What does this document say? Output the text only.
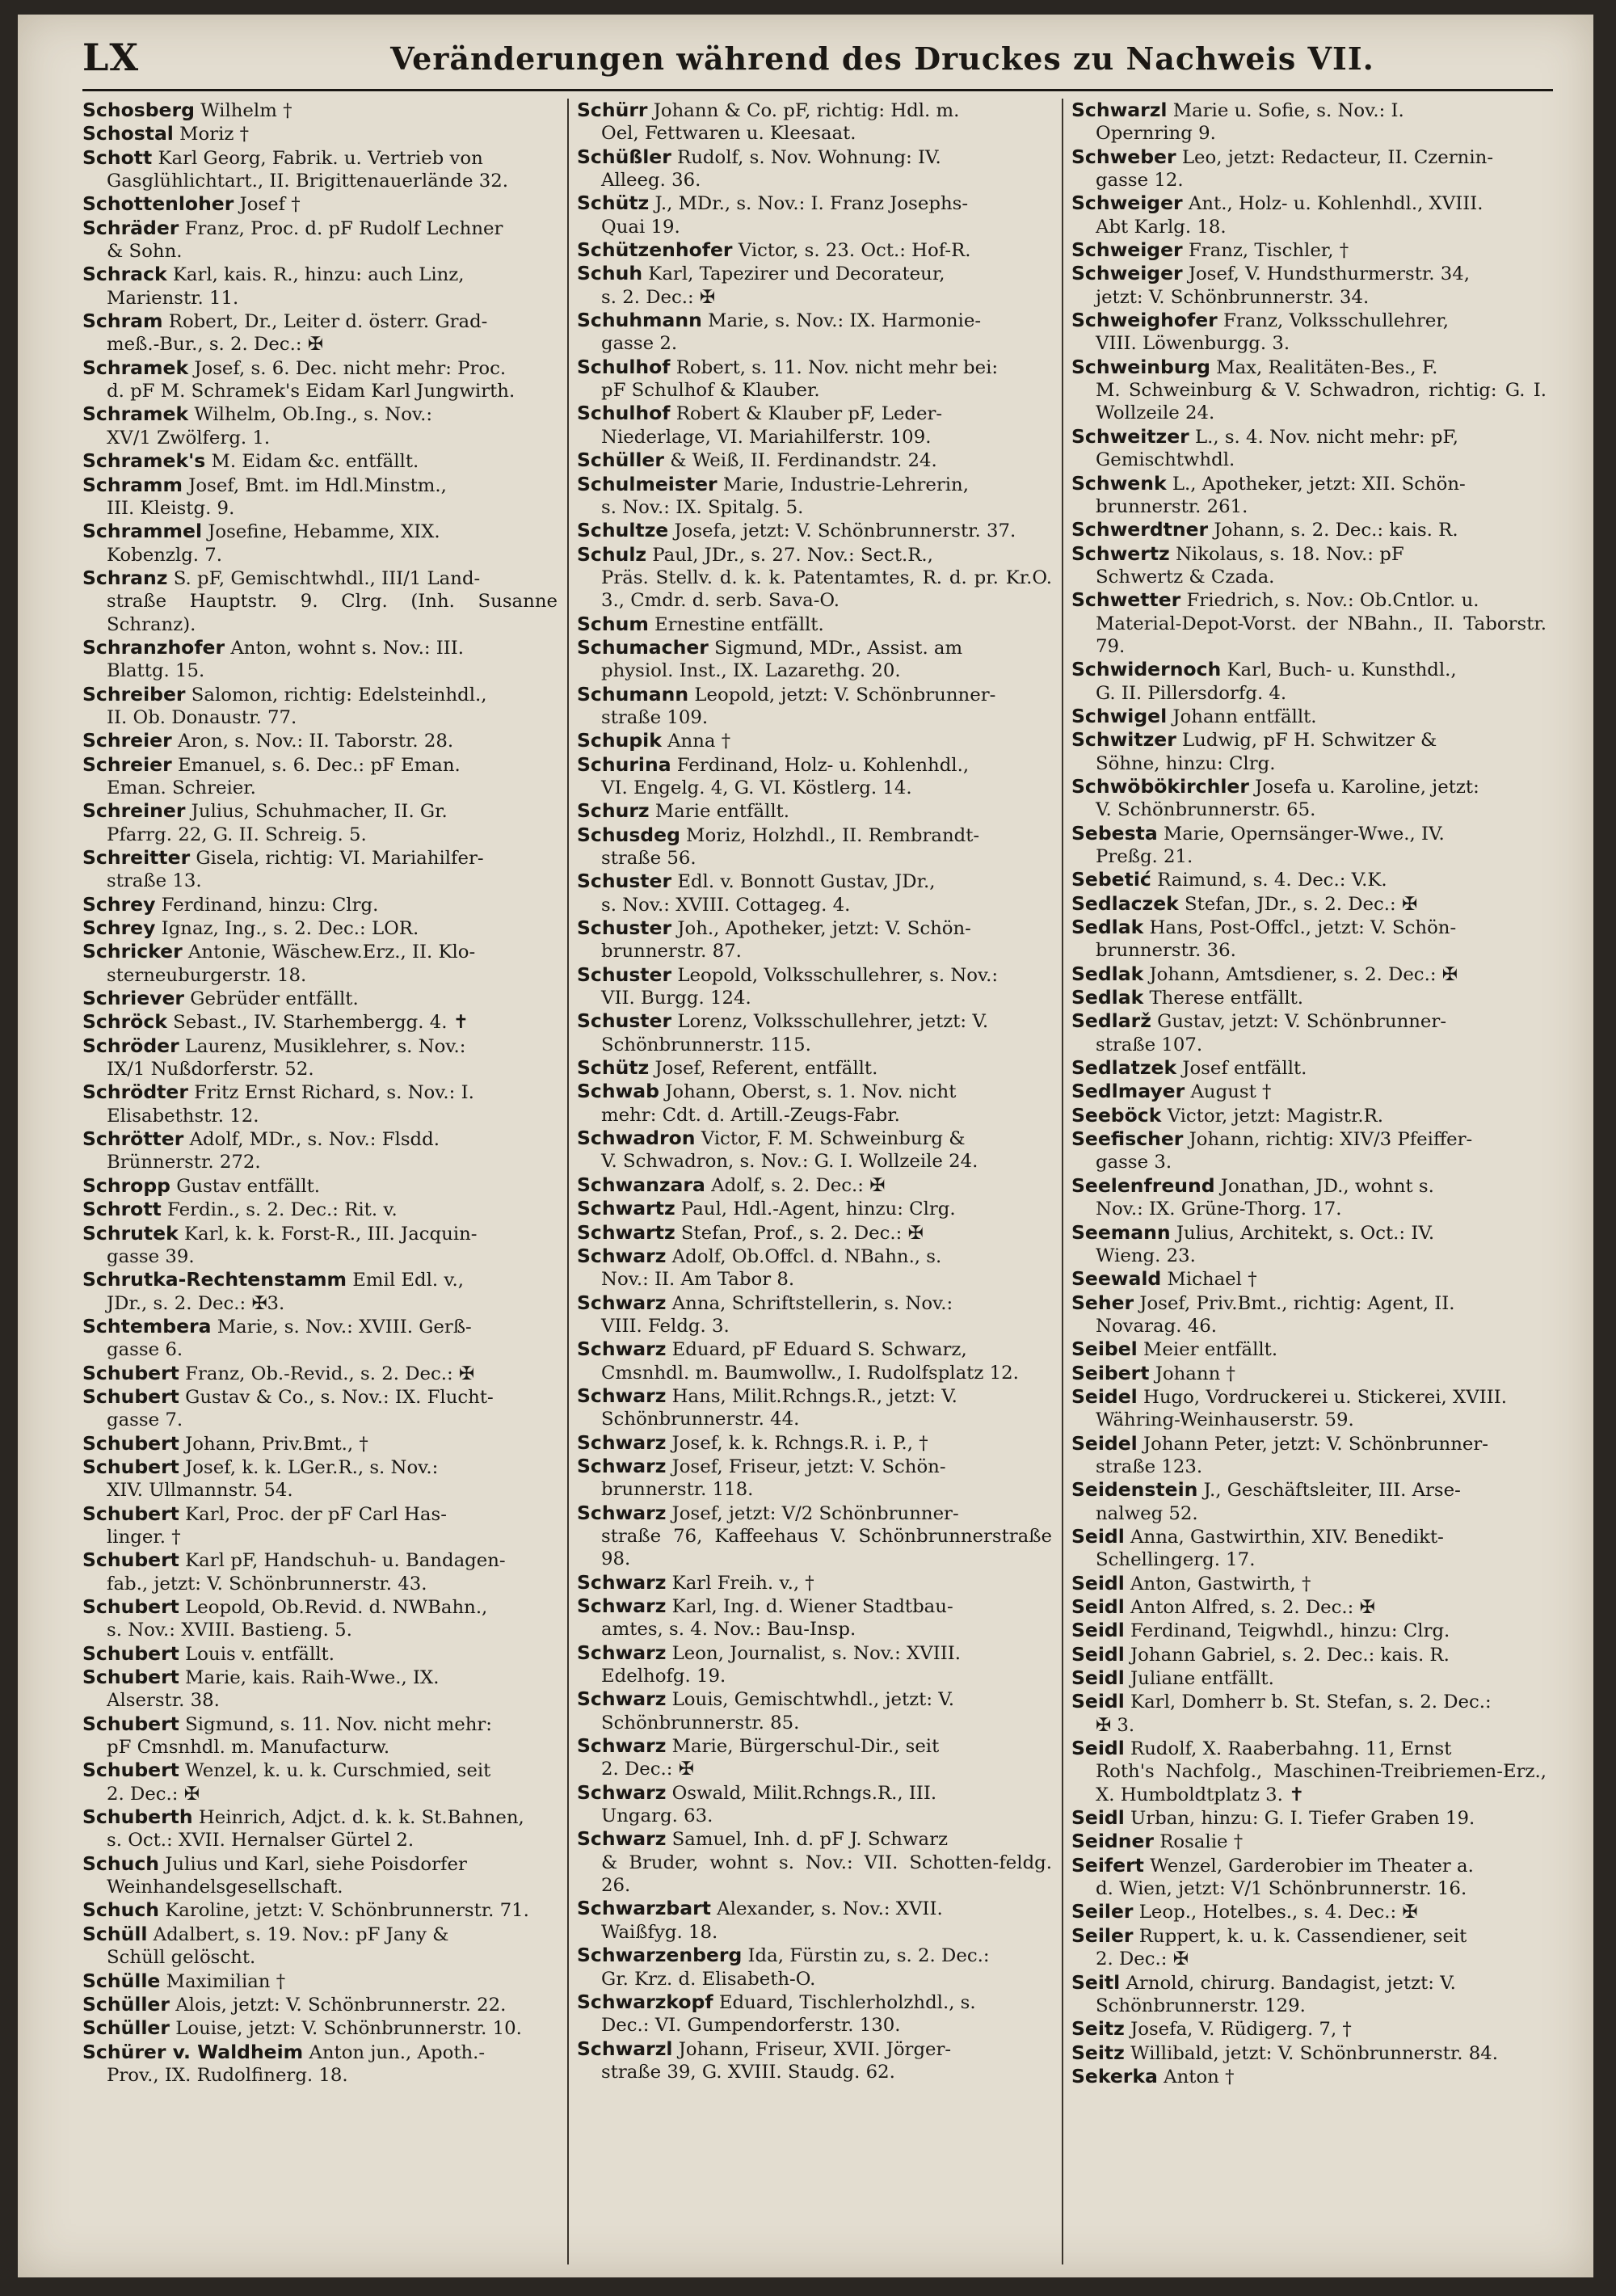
LX	Veränderungen während des Druckes zu Nachweis VII.
Schosberg Wilhelm †
Schostal Moriz †
Schott Karl Georg, Fabrik. u. Vertrieb von
Gasglühlichtart., II. Brigittenauerlände 32.
Schottenloher Josef †
Schräder Franz, Proc. d. pF Rudolf Lechner
& Sohn.
Schrack Karl, kais. R., hinzu: auch Linz,
Marienstr. 11.
Schram Robert, Dr., Leiter d. österr. Grad-
meß.-Bur., s. 2. Dec.: ✠
Schramek Josef, s. 6. Dec. nicht mehr: Proc.
d. pF M. Schramek's Eidam Karl Jungwirth.
Schramek Wilhelm, Ob.Ing., s. Nov.:
XV/1 Zwölferg. 1.
Schramek's M. Eidam &c. entfällt.
Schramm Josef, Bmt. im Hdl.Minstm.,
III. Kleistg. 9.
Schrammel Josefine, Hebamme, XIX.
Kobenzlg. 7.
Schranz S. pF, Gemischtwhdl., III/1 Land-
straße Hauptstr. 9. Clrg. (Inh. Susanne Schranz).
Schranzhofer Anton, wohnt s. Nov.: III.
Blattg. 15.
Schreiber Salomon, richtig: Edelsteinhdl.,
II. Ob. Donaustr. 77.
Schreier Aron, s. Nov.: II. Taborstr. 28.
Schreier Emanuel, s. 6. Dec.: pF Eman.
Eman. Schreier.
Schreiner Julius, Schuhmacher, II. Gr.
Pfarrg. 22, G. II. Schreig. 5.
Schreitter Gisela, richtig: VI. Mariahilfer-
straße 13.
Schrey Ferdinand, hinzu: Clrg.
Schrey Ignaz, Ing., s. 2. Dec.: LOR.
Schricker Antonie, Wäschew.Erz., II. Klo-
sterneuburgerstr. 18.
Schriever Gebrüder entfällt.
Schröck Sebast., IV. Starhembergg. 4. ✝
Schröder Laurenz, Musiklehrer, s. Nov.:
IX/1 Nußdorferstr. 52.
Schrödter Fritz Ernst Richard, s. Nov.: I.
Elisabethstr. 12.
Schrötter Adolf, MDr., s. Nov.: Flsdd.
Brünnerstr. 272.
Schropp Gustav entfällt.
Schrott Ferdin., s. 2. Dec.: Rit. v.
Schrutek Karl, k. k. Forst-R., III. Jacquin-
gasse 39.
Schrutka-Rechtenstamm Emil Edl. v.,
JDr., s. 2. Dec.: ✠3.
Schtembera Marie, s. Nov.: XVIII. Gerß-
gasse 6.
Schubert Franz, Ob.-Revid., s. 2. Dec.: ✠
Schubert Gustav & Co., s. Nov.: IX. Flucht-
gasse 7.
Schubert Johann, Priv.Bmt., †
Schubert Josef, k. k. LGer.R., s. Nov.:
XIV. Ullmannstr. 54.
Schubert Karl, Proc. der pF Carl Has-
linger. †
Schubert Karl pF, Handschuh- u. Bandagen-
fab., jetzt: V. Schönbrunnerstr. 43.
Schubert Leopold, Ob.Revid. d. NWBahn.,
s. Nov.: XVIII. Bastieng. 5.
Schubert Louis v. entfällt.
Schubert Marie, kais. Raih-Wwe., IX.
Alserstr. 38.
Schubert Sigmund, s. 11. Nov. nicht mehr:
pF Cmsnhdl. m. Manufacturw.
Schubert Wenzel, k. u. k. Curschmied, seit
2. Dec.: ✠
Schuberth Heinrich, Adjct. d. k. k. St.Bahnen,
s. Oct.: XVII. Hernalser Gürtel 2.
Schuch Julius und Karl, siehe Poisdorfer
Weinhandelsgesellschaft.
Schuch Karoline, jetzt: V. Schönbrunnerstr. 71.
Schüll Adalbert, s. 19. Nov.: pF Jany &
Schüll gelöscht.
Schülle Maximilian †
Schüller Alois, jetzt: V. Schönbrunnerstr. 22.
Schüller Louise, jetzt: V. Schönbrunnerstr. 10.
Schürer v. Waldheim Anton jun., Apoth.-
Prov., IX. Rudolfinerg. 18.
Schürr Johann & Co. pF, richtig: Hdl. m.
Oel, Fettwaren u. Kleesaat.
Schüßler Rudolf, s. Nov. Wohnung: IV.
Alleeg. 36.
Schütz J., MDr., s. Nov.: I. Franz Josephs-
Quai 19.
Schützenhofer Victor, s. 23. Oct.: Hof-R.
Schuh Karl, Tapezirer und Decorateur,
s. 2. Dec.: ✠
Schuhmann Marie, s. Nov.: IX. Harmonie-
gasse 2.
Schulhof Robert, s. 11. Nov. nicht mehr bei:
pF Schulhof & Klauber.
Schulhof Robert & Klauber pF, Leder-
Niederlage, VI. Mariahilferstr. 109.
Schüller & Weiß, II. Ferdinandstr. 24.
Schulmeister Marie, Industrie-Lehrerin,
s. Nov.: IX. Spitalg. 5.
Schultze Josefa, jetzt: V. Schönbrunnerstr. 37.
Schulz Paul, JDr., s. 27. Nov.: Sect.R.,
Präs. Stellv. d. k. k. Patentamtes, R. d. pr. Kr.O. 3., Cmdr. d. serb. Sava-O.
Schum Ernestine entfällt.
Schumacher Sigmund, MDr., Assist. am
physiol. Inst., IX. Lazarethg. 20.
Schumann Leopold, jetzt: V. Schönbrunner-
straße 109.
Schupik Anna †
Schurina Ferdinand, Holz- u. Kohlenhdl.,
VI. Engelg. 4, G. VI. Köstlerg. 14.
Schurz Marie entfällt.
Schusdeg Moriz, Holzhdl., II. Rembrandt-
straße 56.
Schuster Edl. v. Bonnott Gustav, JDr.,
s. Nov.: XVIII. Cottageg. 4.
Schuster Joh., Apotheker, jetzt: V. Schön-
brunnerstr. 87.
Schuster Leopold, Volksschullehrer, s. Nov.:
VII. Burgg. 124.
Schuster Lorenz, Volksschullehrer, jetzt: V.
Schönbrunnerstr. 115.
Schütz Josef, Referent, entfällt.
Schwab Johann, Oberst, s. 1. Nov. nicht
mehr: Cdt. d. Artill.-Zeugs-Fabr.
Schwadron Victor, F. M. Schweinburg &
V. Schwadron, s. Nov.: G. I. Wollzeile 24.
Schwanzara Adolf, s. 2. Dec.: ✠
Schwartz Paul, Hdl.-Agent, hinzu: Clrg.
Schwartz Stefan, Prof., s. 2. Dec.: ✠
Schwarz Adolf, Ob.Offcl. d. NBahn., s.
Nov.: II. Am Tabor 8.
Schwarz Anna, Schriftstellerin, s. Nov.:
VIII. Feldg. 3.
Schwarz Eduard, pF Eduard S. Schwarz,
Cmsnhdl. m. Baumwollw., I. Rudolfsplatz 12.
Schwarz Hans, Milit.Rchngs.R., jetzt: V.
Schönbrunnerstr. 44.
Schwarz Josef, k. k. Rchngs.R. i. P., †
Schwarz Josef, Friseur, jetzt: V. Schön-
brunnerstr. 118.
Schwarz Josef, jetzt: V/2 Schönbrunner-
straße 76, Kaffeehaus V. Schönbrunnerstraße 98.
Schwarz Karl Freih. v., †
Schwarz Karl, Ing. d. Wiener Stadtbau-
amtes, s. 4. Nov.: Bau-Insp.
Schwarz Leon, Journalist, s. Nov.: XVIII.
Edelhofg. 19.
Schwarz Louis, Gemischtwhdl., jetzt: V.
Schönbrunnerstr. 85.
Schwarz Marie, Bürgerschul-Dir., seit
2. Dec.: ✠
Schwarz Oswald, Milit.Rchngs.R., III.
Ungarg. 63.
Schwarz Samuel, Inh. d. pF J. Schwarz
& Bruder, wohnt s. Nov.: VII. Schotten-feldg. 26.
Schwarzbart Alexander, s. Nov.: XVII.
Waißfyg. 18.
Schwarzenberg Ida, Fürstin zu, s. 2. Dec.:
Gr. Krz. d. Elisabeth-O.
Schwarzkopf Eduard, Tischlerholzhdl., s.
Dec.: VI. Gumpendorferstr. 130.
Schwarzl Johann, Friseur, XVII. Jörger-
straße 39, G. XVIII. Staudg. 62.
Schwarzl Marie u. Sofie, s. Nov.: I.
Opernring 9.
Schweber Leo, jetzt: Redacteur, II. Czernin-
gasse 12.
Schweiger Ant., Holz- u. Kohlenhdl., XVIII.
Abt Karlg. 18.
Schweiger Franz, Tischler, †
Schweiger Josef, V. Hundsthurmerstr. 34,
jetzt: V. Schönbrunnerstr. 34.
Schweighofer Franz, Volksschullehrer,
VIII. Löwenburgg. 3.
Schweinburg Max, Realitäten-Bes., F.
M. Schweinburg & V. Schwadron, richtig: G. I. Wollzeile 24.
Schweitzer L., s. 4. Nov. nicht mehr: pF,
Gemischtwhdl.
Schwenk L., Apotheker, jetzt: XII. Schön-
brunnerstr. 261.
Schwerdtner Johann, s. 2. Dec.: kais. R.
Schwertz Nikolaus, s. 18. Nov.: pF
Schwertz & Czada.
Schwetter Friedrich, s. Nov.: Ob.Cntlor. u.
Material-Depot-Vorst. der NBahn., II. Taborstr. 79.
Schwidernoch Karl, Buch- u. Kunsthdl.,
G. II. Pillersdorfg. 4.
Schwigel Johann entfällt.
Schwitzer Ludwig, pF H. Schwitzer &
Söhne, hinzu: Clrg.
Schwöbökirchler Josefa u. Karoline, jetzt:
V. Schönbrunnerstr. 65.
Sebesta Marie, Opernsänger-Wwe., IV.
Preßg. 21.
Sebetić Raimund, s. 4. Dec.: V.K.
Sedlaczek Stefan, JDr., s. 2. Dec.: ✠
Sedlak Hans, Post-Offcl., jetzt: V. Schön-
brunnerstr. 36.
Sedlak Johann, Amtsdiener, s. 2. Dec.: ✠
Sedlak Therese entfällt.
Sedlarž Gustav, jetzt: V. Schönbrunner-
straße 107.
Sedlatzek Josef entfällt.
Sedlmayer August †
Seeböck Victor, jetzt: Magistr.R.
Seefischer Johann, richtig: XIV/3 Pfeiffer-
gasse 3.
Seelenfreund Jonathan, JD., wohnt s.
Nov.: IX. Grüne-Thorg. 17.
Seemann Julius, Architekt, s. Oct.: IV.
Wieng. 23.
Seewald Michael †
Seher Josef, Priv.Bmt., richtig: Agent, II.
Novarag. 46.
Seibel Meier entfällt.
Seibert Johann †
Seidel Hugo, Vordruckerei u. Stickerei, XVIII.
Währing-Weinhauserstr. 59.
Seidel Johann Peter, jetzt: V. Schönbrunner-
straße 123.
Seidenstein J., Geschäftsleiter, III. Arse-
nalweg 52.
Seidl Anna, Gastwirthin, XIV. Benedikt-
Schellingerg. 17.
Seidl Anton, Gastwirth, †
Seidl Anton Alfred, s. 2. Dec.: ✠
Seidl Ferdinand, Teigwhdl., hinzu: Clrg.
Seidl Johann Gabriel, s. 2. Dec.: kais. R.
Seidl Juliane entfällt.
Seidl Karl, Domherr b. St. Stefan, s. 2. Dec.:
✠ 3.
Seidl Rudolf, X. Raaberbahng. 11, Ernst
Roth's Nachfolg., Maschinen-Treibriemen-Erz., X. Humboldtplatz 3. ✝
Seidl Urban, hinzu: G. I. Tiefer Graben 19.
Seidner Rosalie †
Seifert Wenzel, Garderobier im Theater a.
d. Wien, jetzt: V/1 Schönbrunnerstr. 16.
Seiler Leop., Hotelbes., s. 4. Dec.: ✠
Seiler Ruppert, k. u. k. Cassendiener, seit
2. Dec.: ✠
Seitl Arnold, chirurg. Bandagist, jetzt: V.
Schönbrunnerstr. 129.
Seitz Josefa, V. Rüdigerg. 7, †
Seitz Willibald, jetzt: V. Schönbrunnerstr. 84.
Sekerka Anton †
